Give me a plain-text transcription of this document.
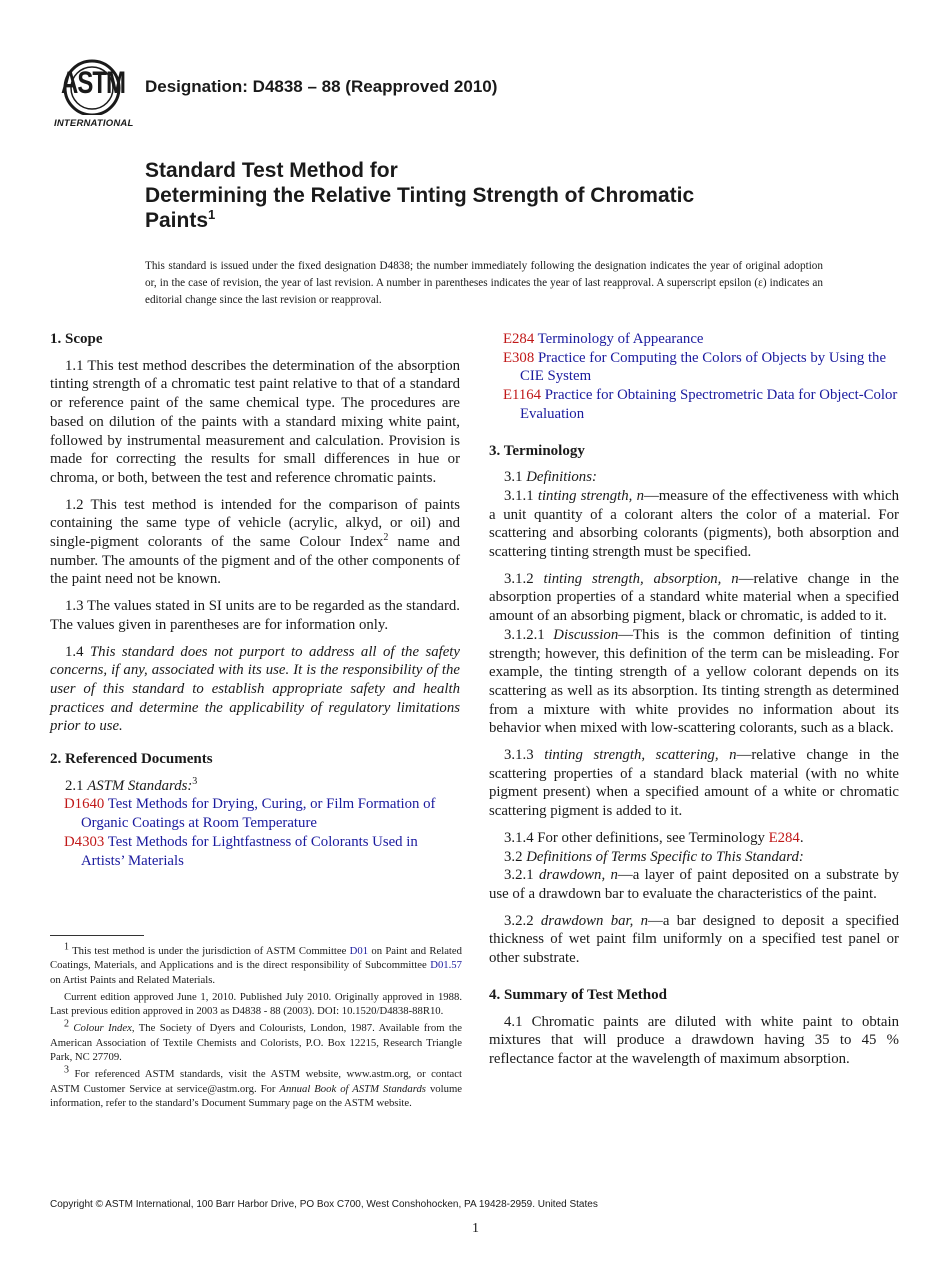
ASTM
INTERNATIONAL
Designation: D4838 – 88 (Reapproved 2010)
Standard Test Method for
Determining the Relative Tinting Strength of Chromatic
Paints$^1$
This standard is issued under the fixed designation D4838; the number immediately following the designation indicates the year of original adoption or, in the case of revision, the year of last revision. A number in parentheses indicates the year of last reapproval. A superscript epsilon (ε) indicates an editorial change since the last revision or reapproval.
1. Scope

1.1 This test method describes the determination of the absorption tinting strength of a chromatic test paint relative to that of a standard or reference paint of the same chemical type. The procedures are based on dilution of the paints with a standard mixing white paint, followed by instrumental measurement and calculation. Provision is made for correcting the results for small differences in hue or chroma, or both, between the test and reference chromatic paints.

1.2 This test method is intended for the comparison of paints containing the same type of vehicle (acrylic, alkyd, or oil) and single-pigment colorants of the same Colour Index$^2$ name and number. The amounts of the pigment and of the other components of the paint need not be known.

1.3 The values stated in SI units are to be regarded as the standard. The values given in parentheses are for information only.

1.4 This standard does not purport to address all of the safety concerns, if any, associated with its use. It is the responsibility of the user of this standard to establish appropriate safety and health practices and determine the applicability of regulatory limitations prior to use.

2. Referenced Documents

2.1 ASTM Standards:$^3$

D1640 Test Methods for Drying, Curing, or Film Formation of Organic Coatings at Room Temperature
D4303 Test Methods for Lightfastness of Colorants Used in Artists’ Materials
E284 Terminology of Appearance
E308 Practice for Computing the Colors of Objects by Using the CIE System
E1164 Practice for Obtaining Spectrometric Data for Object-Color Evaluation
3. Terminology

3.1 Definitions:

3.1.1 tinting strength, n—measure of the effectiveness with which a unit quantity of a colorant alters the color of a material. For scattering and absorbing colorants (pigments), both absorption and scattering tinting strength must be specified.

3.1.2 tinting strength, absorption, n—relative change in the absorption properties of a standard white material when a specified amount of an absorbing pigment, black or chromatic, is added to it.

3.1.2.1 Discussion—This is the common definition of tinting strength; however, this definition of the term can be misleading. For example, the tinting strength of a yellow colorant depends on its scattering as well as its absorption. Its tinting strength as determined from a mixture with white provides no information about its behavior when mixed with low-scattering colorants, such as a black.

3.1.3 tinting strength, scattering, n—relative change in the scattering properties of a standard black material (with no white pigment present) when a specified amount of a white or chromatic scattering pigment is added to it.

3.1.4 For other definitions, see Terminology E284.

3.2 Definitions of Terms Specific to This Standard:

3.2.1 drawdown, n—a layer of paint deposited on a substrate by use of a drawdown bar to evaluate the characteristics of the paint.

3.2.2 drawdown bar, n—a bar designed to deposit a specified thickness of wet paint film uniformly on a specified test panel or other substrate.

4. Summary of Test Method

4.1 Chromatic paints are diluted with white paint to obtain mixtures that will produce a drawdown having 35 to 45 % reflectance factor at the wavelength of maximum absorption.

$^1$ This test method is under the jurisdiction of ASTM Committee D01 on Paint and Related Coatings, Materials, and Applications and is the direct responsibility of Subcommittee D01.57 on Artist Paints and Related Materials.

Current edition approved June 1, 2010. Published July 2010. Originally approved in 1988. Last previous edition approved in 2003 as D4838 - 88 (2003). DOI: 10.1520/D4838-88R10.

$^2$ Colour Index, The Society of Dyers and Colourists, London, 1987. Available from the American Association of Textile Chemists and Colorists, P.O. Box 12215, Research Triangle Park, NC 27709.

$^3$ For referenced ASTM standards, visit the ASTM website, www.astm.org, or contact ASTM Customer Service at service@astm.org. For Annual Book of ASTM Standards volume information, refer to the standard’s Document Summary page on the ASTM website.

Copyright © ASTM International, 100 Barr Harbor Drive, PO Box C700, West Conshohocken, PA 19428-2959. United States
1
